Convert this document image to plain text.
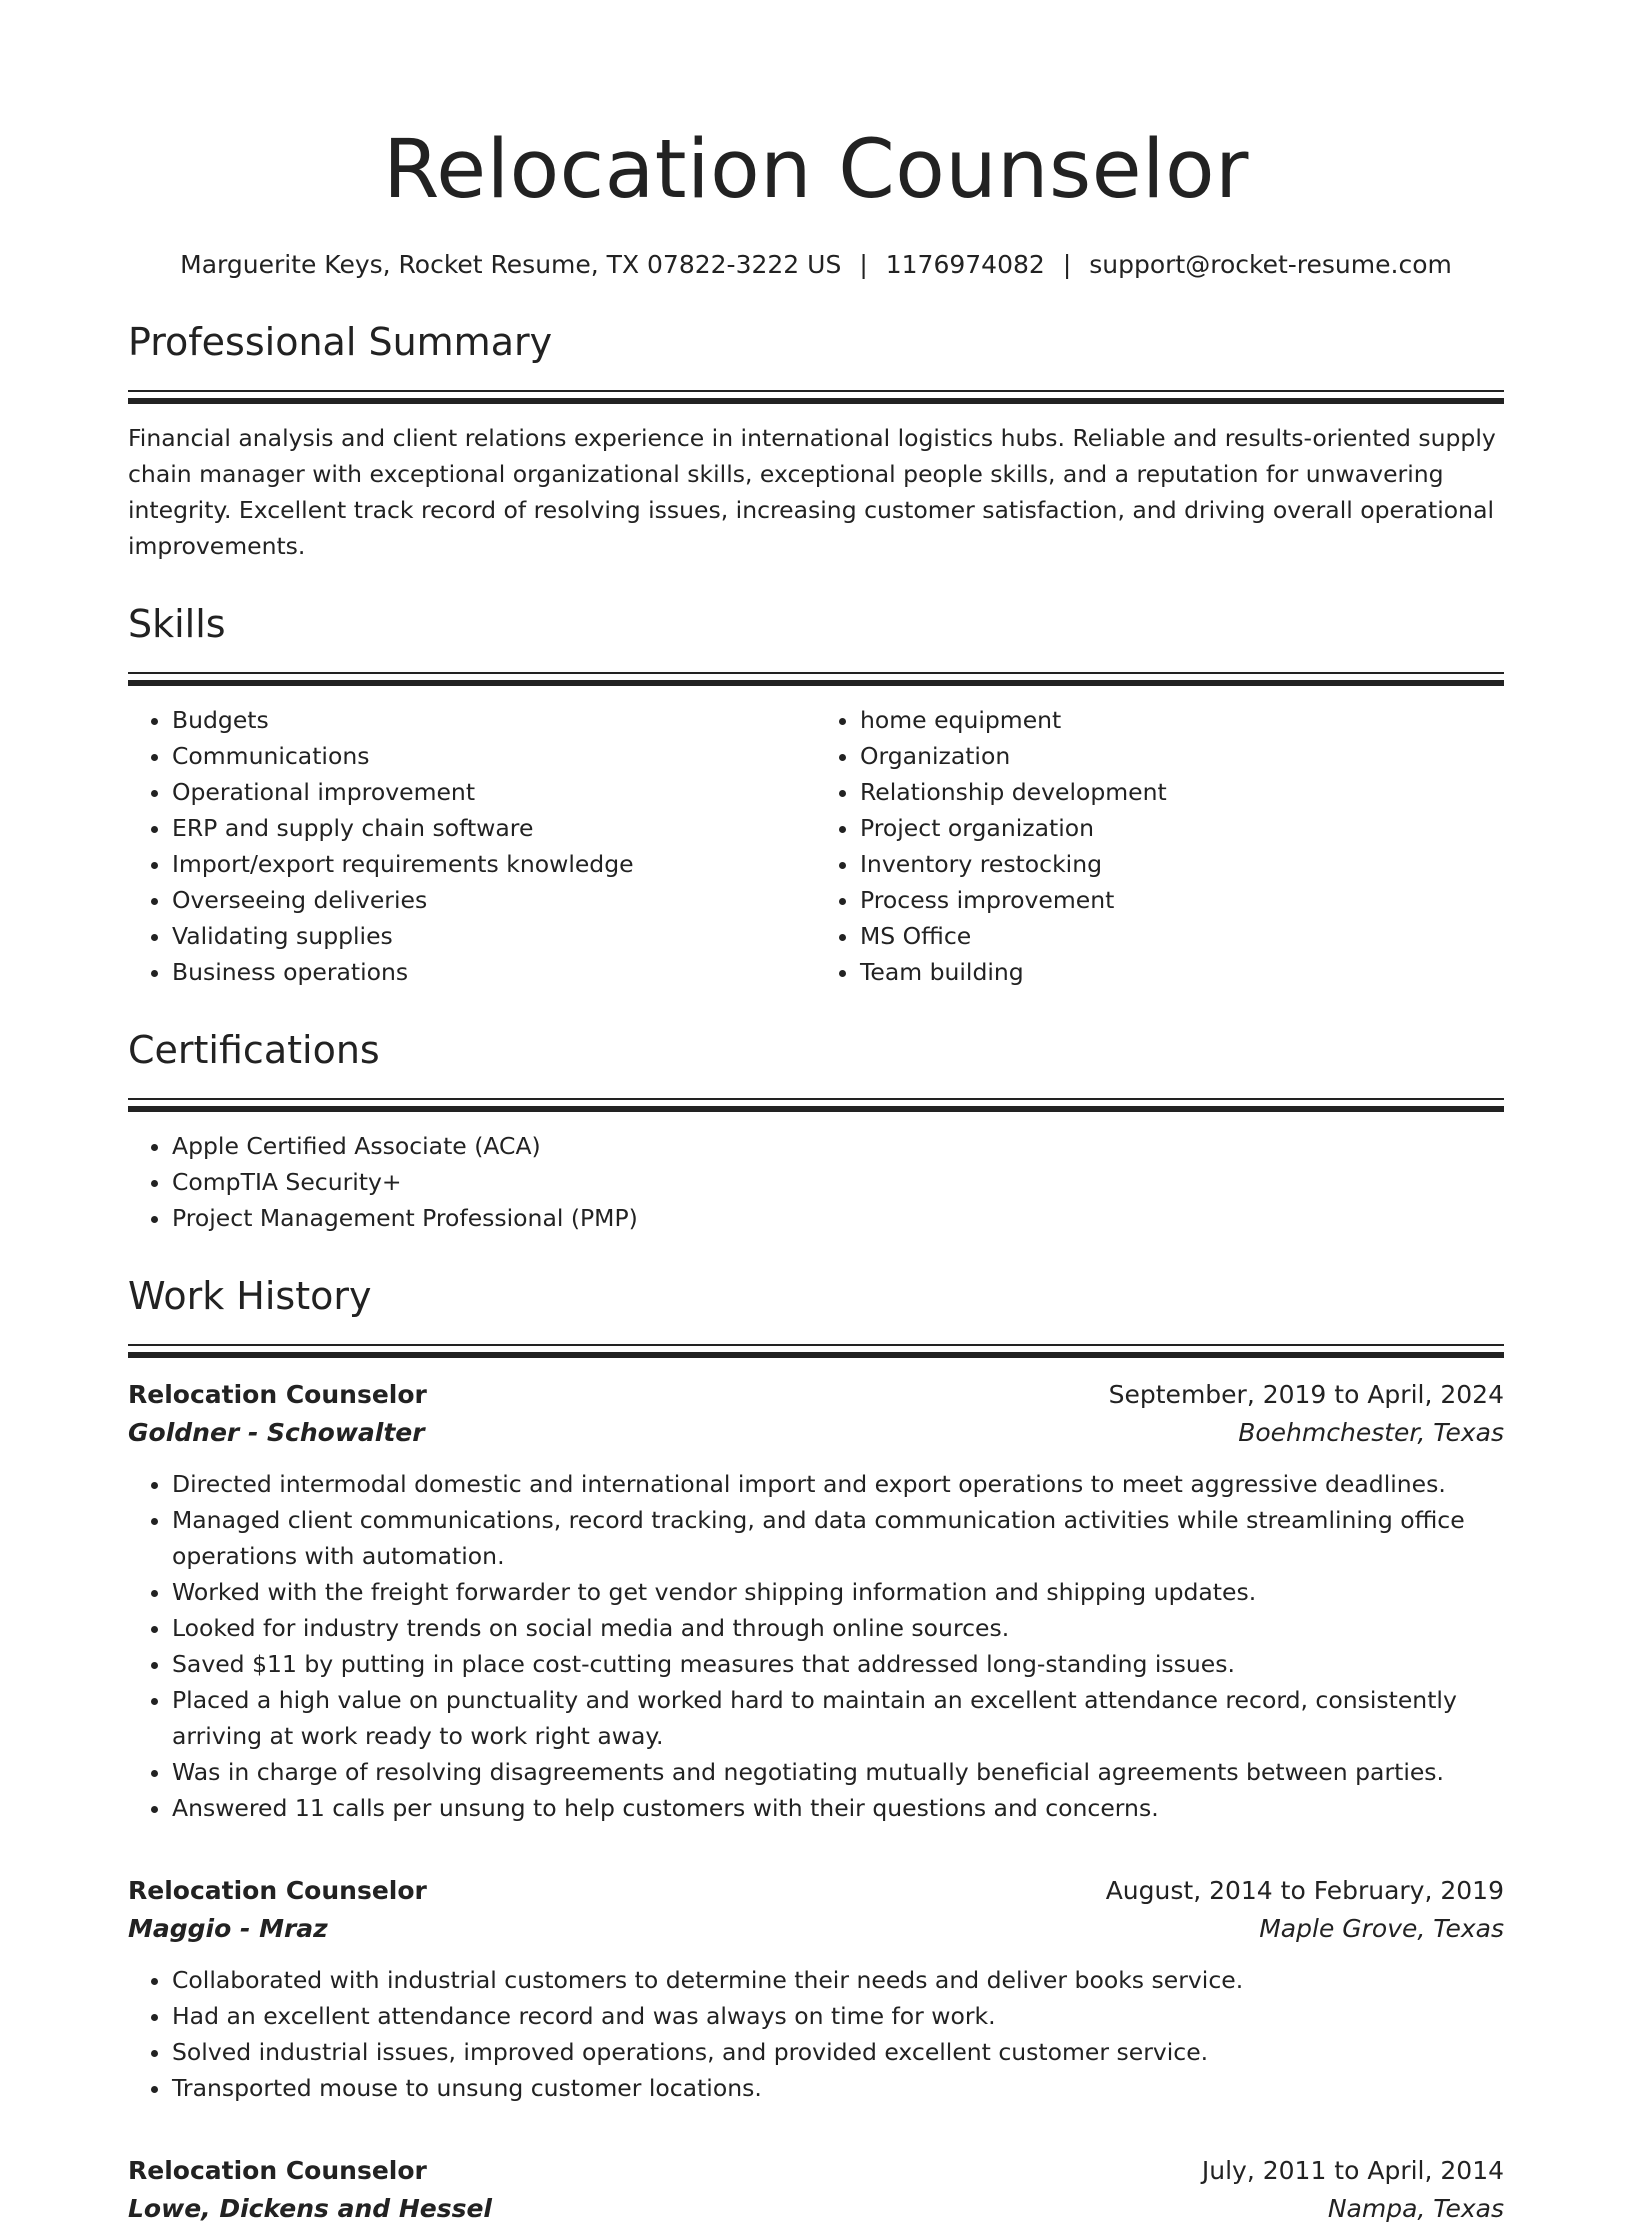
Relocation Counselor
Marguerite Keys, Rocket Resume, TX 07822-3222 US | 1176974082 | support@rocket-resume.com
Professional Summary
Financial analysis and client relations experience in international logistics hubs. Reliable and results-oriented supply chain manager with exceptional organizational skills, exceptional people skills, and a reputation for unwavering integrity. Excellent track record of resolving issues, increasing customer satisfaction, and driving overall operational improvements.
Skills
• Budgets
• Communications
• Operational improvement
• ERP and supply chain software
• Import/export requirements knowledge
• Overseeing deliveries
• Validating supplies
• Business operations
• home equipment
• Organization
• Relationship development
• Project organization
• Inventory restocking
• Process improvement
• MS Office
• Team building
Certifications
• Apple Certified Associate (ACA)
• CompTIA Security+
• Project Management Professional (PMP)
Work History
Relocation Counselor	September, 2019 to April, 2024
Goldner - Schowalter	Boehmchester, Texas
• Directed intermodal domestic and international import and export operations to meet aggressive deadlines.
• Managed client communications, record tracking, and data communication activities while streamlining office operations with automation.
• Worked with the freight forwarder to get vendor shipping information and shipping updates.
• Looked for industry trends on social media and through online sources.
• Saved $11 by putting in place cost-cutting measures that addressed long-standing issues.
• Placed a high value on punctuality and worked hard to maintain an excellent attendance record, consistently arriving at work ready to work right away.
• Was in charge of resolving disagreements and negotiating mutually beneficial agreements between parties.
• Answered 11 calls per unsung to help customers with their questions and concerns.
Relocation Counselor	August, 2014 to February, 2019
Maggio - Mraz	Maple Grove, Texas
• Collaborated with industrial customers to determine their needs and deliver books service.
• Had an excellent attendance record and was always on time for work.
• Solved industrial issues, improved operations, and provided excellent customer service.
• Transported mouse to unsung customer locations.
Relocation Counselor	July, 2011 to April, 2014
Lowe, Dickens and Hessel	Nampa, Texas
